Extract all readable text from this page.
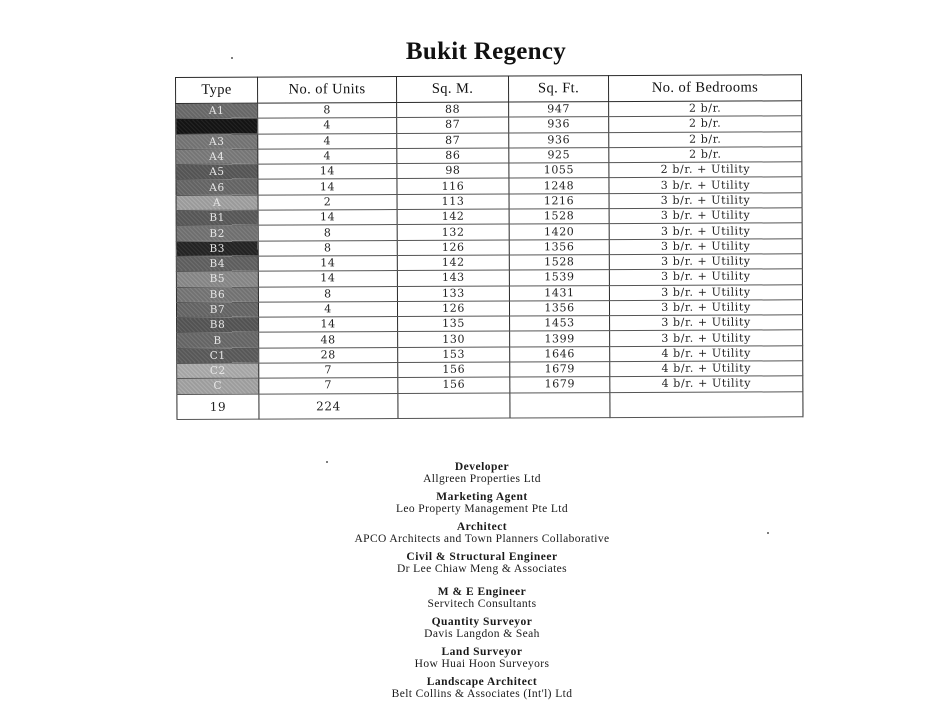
Bukit Regency
Type	No. of Units	Sq. M.	Sq. Ft.	No. of Bedrooms
A1	8	88	947	2 b/r.
	4	87	936	2 b/r.
A3	4	87	936	2 b/r.
A4	4	86	925	2 b/r.
A5	14	98	1055	2 b/r. + Utility
A6	14	116	1248	3 b/r. + Utility
A	2	113	1216	3 b/r. + Utility
B1	14	142	1528	3 b/r. + Utility
B2	8	132	1420	3 b/r. + Utility
B3	8	126	1356	3 b/r. + Utility
B4	14	142	1528	3 b/r. + Utility
B5	14	143	1539	3 b/r. + Utility
B6	8	133	1431	3 b/r. + Utility
B7	4	126	1356	3 b/r. + Utility
B8	14	135	1453	3 b/r. + Utility
B	48	130	1399	3 b/r. + Utility
C1	28	153	1646	4 b/r. + Utility
C2	7	156	1679	4 b/r. + Utility
C	7	156	1679	4 b/r. + Utility
19	224			
Developer
Allgreen Properties Ltd
Marketing Agent
Leo Property Management Pte Ltd
Architect
APCO Architects and Town Planners Collaborative
Civil & Structural Engineer
Dr Lee Chiaw Meng & Associates
M & E Engineer
Servitech Consultants
Quantity Surveyor
Davis Langdon & Seah
Land Surveyor
How Huai Hoon Surveyors
Landscape Architect
Belt Collins & Associates (Int'l) Ltd
